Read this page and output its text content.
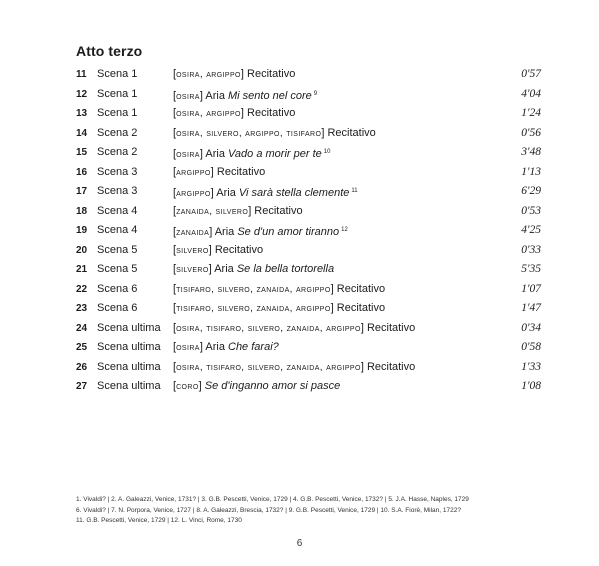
Atto terzo
11 Scena 1	[osira, argippo] Recitativo	0'57
12 Scena 1	[osira] Aria Mi sento nel core $^9$	4'04
13 Scena 1	[osira, argippo] Recitativo	1'24
14 Scena 2	[osira, silvero, argippo, tisifaro] Recitativo	0'56
15 Scena 2	[osira] Aria Vado a morir per te $^{10}$	3'48
16 Scena 3	[argippo] Recitativo	1'13
17 Scena 3	[argippo] Aria Vi sarà stella clemente $^{11}$	6'29
18 Scena 4	[zanaida, silvero] Recitativo	0'53
19 Scena 4	[zanaida] Aria Se d'un amor tiranno $^{12}$	4'25
20 Scena 5	[silvero] Recitativo	0'33
21 Scena 5	[silvero] Aria Se la bella tortorella	5'35
22 Scena 6	[tisifaro, silvero, zanaida, argippo] Recitativo	1'07
23 Scena 6	[tisifaro, silvero, zanaida, argippo] Recitativo	1'47
24 Scena ultima [osira, tisifaro, silvero, zanaida, argippo] Recitativo	0'34
25 Scena ultima [osira] Aria Che farai?	0'58
26 Scena ultima [osira, tisifaro, silvero, zanaida, argippo] Recitativo	1'33
27 Scena ultima [coro] Se d'inganno amor si pasce	1'08
1. Vivaldi? | 2. A. Galeazzi, Venice, 1731? | 3. G.B. Pescetti, Venice, 1729 | 4. G.B. Pescetti, Venice, 1732? | 5. J.A. Hasse, Naples, 1729
6. Vivaldi? | 7. N. Porpora, Venice, 1727 | 8. A. Galeazzi, Brescia, 1732? | 9. G.B. Pescetti, Venice, 1729 | 10. S.A. Fiorè, Milan, 1722?
11. G.B. Pescetti, Venice, 1729 | 12. L. Vinci, Rome, 1730
6
